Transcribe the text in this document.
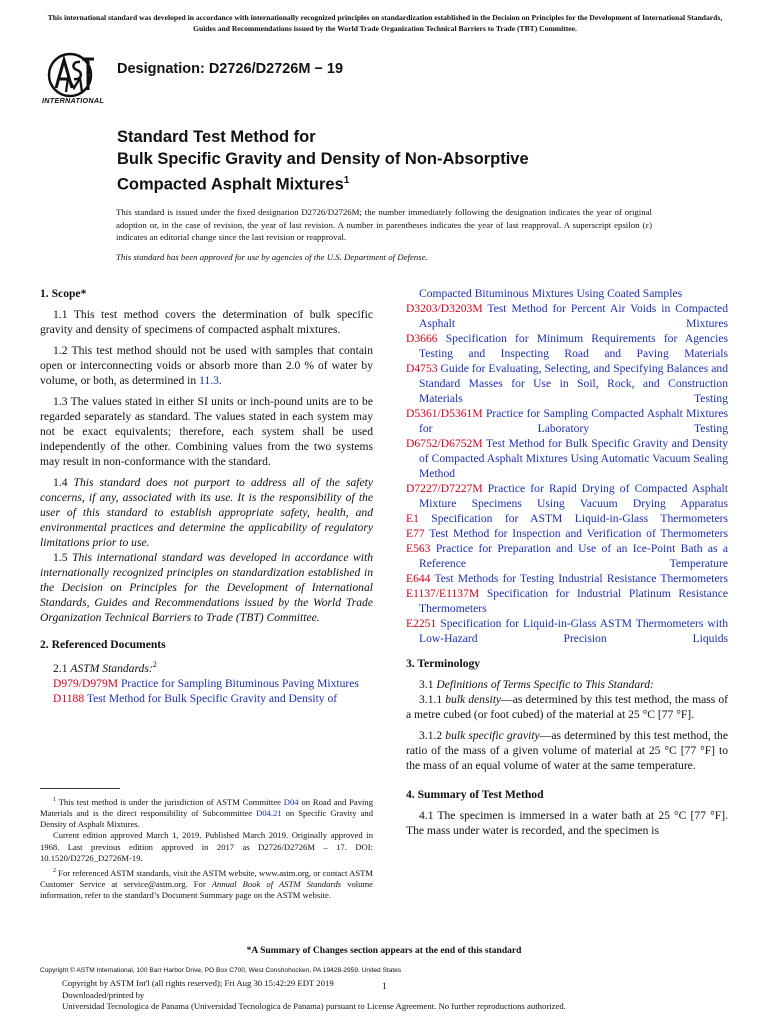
This international standard was developed in accordance with internationally recognized principles on standardization established in the Decision on Principles for the Development of International Standards, Guides and Recommendations issued by the World Trade Organization Technical Barriers to Trade (TBT) Committee.
INTERNATIONAL
Designation: D2726/D2726M − 19
Standard Test Method for
Bulk Specific Gravity and Density of Non-Absorptive
Compacted Asphalt Mixtures$^1$

This standard is issued under the fixed designation D2726/D2726M; the number immediately following the designation indicates the year of original adoption or, in the case of revision, the year of last revision. A number in parentheses indicates the year of last reapproval. A superscript epsilon (ε) indicates an editorial change since the last revision or reapproval.

This standard has been approved for use by agencies of the U.S. Department of Defense.

1. Scope*

1.1 This test method covers the determination of bulk specific gravity and density of specimens of compacted asphalt mixtures.

1.2 This test method should not be used with samples that contain open or interconnecting voids or absorb more than 2.0 % of water by volume, or both, as determined in 11.3.

1.3 The values stated in either SI units or inch-pound units are to be regarded separately as standard. The values stated in each system may not be exact equivalents; therefore, each system shall be used independently of the other. Combining values from the two systems may result in non-conformance with the standard.

1.4 This standard does not purport to address all of the safety concerns, if any, associated with its use. It is the responsibility of the user of this standard to establish appropriate safety, health, and environmental practices and determine the applicability of regulatory limitations prior to use.

1.5 This international standard was developed in accordance with internationally recognized principles on standardization established in the Decision on Principles for the Development of International Standards, Guides and Recommendations issued by the World Trade Organization Technical Barriers to Trade (TBT) Committee.

2. Referenced Documents

2.1 ASTM Standards:$^2$

D979/D979M Practice for Sampling Bituminous Paving Mixtures

D1188 Test Method for Bulk Specific Gravity and Density of

$^1$ This test method is under the jurisdiction of ASTM Committee D04 on Road and Paving Materials and is the direct responsibility of Subcommittee D04.21 on Specific Gravity and Density of Asphalt Mixtures.

Current edition approved March 1, 2019. Published March 2019. Originally approved in 1968. Last previous edition approved in 2017 as D2726/D2726M – 17. DOI: 10.1520/D2726_D2726M-19.

$^2$ For referenced ASTM standards, visit the ASTM website, www.astm.org, or contact ASTM Customer Service at service@astm.org. For Annual Book of ASTM Standards volume information, refer to the standard’s Document Summary page on the ASTM website.

Compacted Bituminous Mixtures Using Coated Samples

D3203/D3203M Test Method for Percent Air Voids in Compacted Asphalt Mixtures

D3666 Specification for Minimum Requirements for Agencies Testing and Inspecting Road and Paving Materials

D4753 Guide for Evaluating, Selecting, and Specifying Balances and Standard Masses for Use in Soil, Rock, and Construction Materials Testing

D5361/D5361M Practice for Sampling Compacted Asphalt Mixtures for Laboratory Testing

D6752/D6752M Test Method for Bulk Specific Gravity and Density of Compacted Asphalt Mixtures Using Automatic Vacuum Sealing Method

D7227/D7227M Practice for Rapid Drying of Compacted Asphalt Mixture Specimens Using Vacuum Drying Apparatus

E1 Specification for ASTM Liquid-in-Glass Thermometers

E77 Test Method for Inspection and Verification of Thermometers

E563 Practice for Preparation and Use of an Ice-Point Bath as a Reference Temperature

E644 Test Methods for Testing Industrial Resistance Thermometers

E1137/E1137M Specification for Industrial Platinum Resistance Thermometers

E2251 Specification for Liquid-in-Glass ASTM Thermometers with Low-Hazard Precision Liquids

3. Terminology

3.1 Definitions of Terms Specific to This Standard:

3.1.1 bulk density—as determined by this test method, the mass of a metre cubed (or foot cubed) of the material at 25 °C [77 °F].

3.1.2 bulk specific gravity—as determined by this test method, the ratio of the mass of a given volume of material at 25 °C [77 °F] to the mass of an equal volume of water at the same temperature.

4. Summary of Test Method

4.1 The specimen is immersed in a water bath at 25 °C [77 °F]. The mass under water is recorded, and the specimen is

*A Summary of Changes section appears at the end of this standard
Copyright © ASTM International, 100 Barr Harbor Drive, PO Box C700, West Conshohocken, PA 19428-2959. United States
Copyright by ASTM Int'l (all rights reserved); Fri Aug 30 15:42:29 EDT 2019
Downloaded/printed by
Universidad Tecnologica de Panama (Universidad Tecnologica de Panama) pursuant to License Agreement. No further reproductions authorized.
1
